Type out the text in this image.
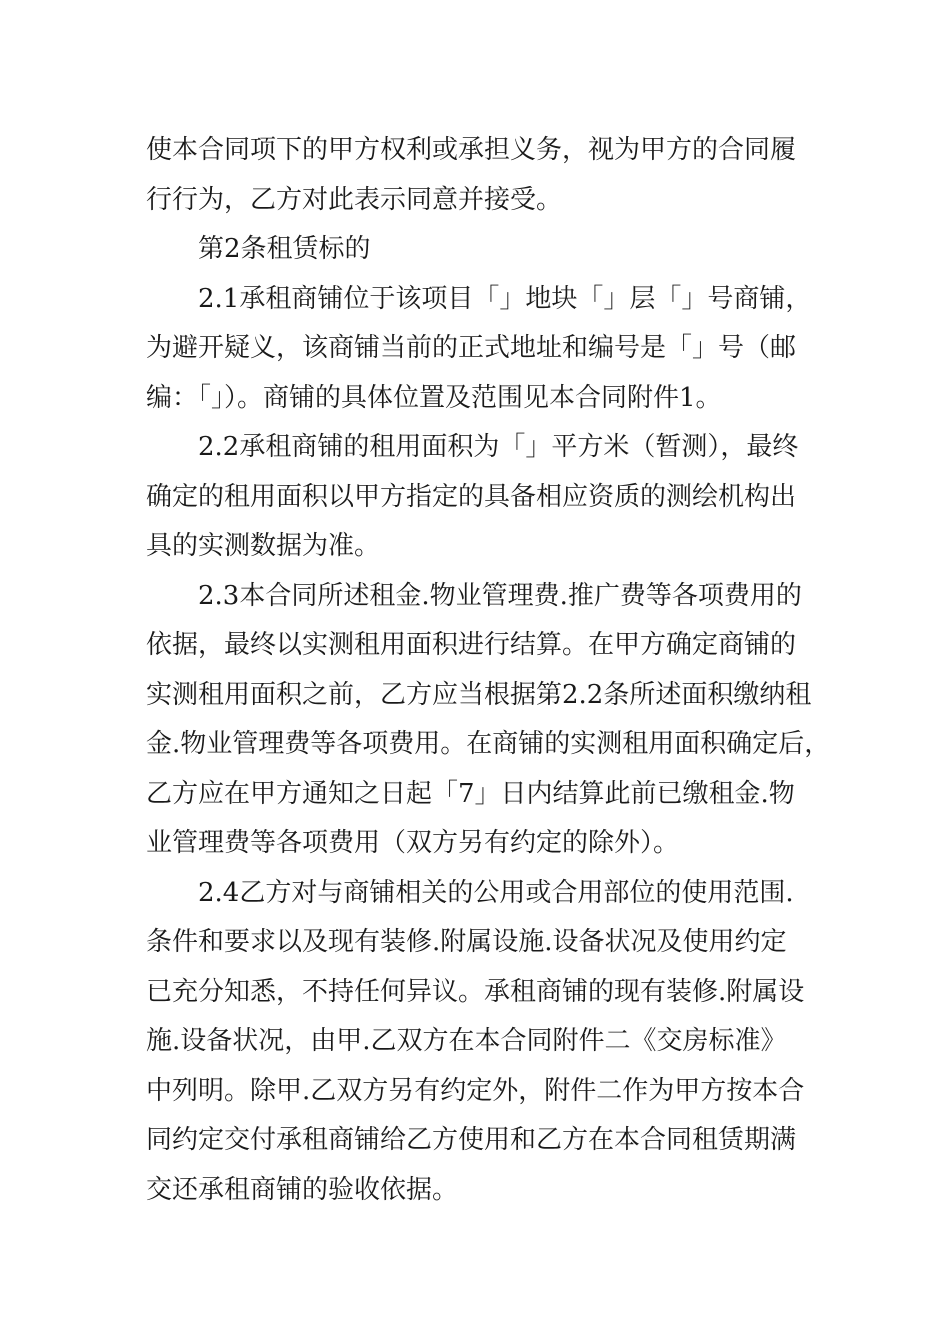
使本合同项下的甲方权利或承担义务，视为甲方的合同履
行行为，乙方对此表示同意并接受。
第2条租赁标的
2.1承租商铺位于该项目「」地块「」层「」号商铺，
为避开疑义，该商铺当前的正式地址和编号是「」号（邮
编：「」）。商铺的具体位置及范围见本合同附件1。
2.2承租商铺的租用面积为「」平方米（暂测），最终
确定的租用面积以甲方指定的具备相应资质的测绘机构出
具的实测数据为准。
2.3本合同所述租金.物业管理费.推广费等各项费用的
依据，最终以实测租用面积进行结算。在甲方确定商铺的
实测租用面积之前，乙方应当根据第2.2条所述面积缴纳租
金.物业管理费等各项费用。在商铺的实测租用面积确定后，
乙方应在甲方通知之日起「7」日内结算此前已缴租金.物
业管理费等各项费用（双方另有约定的除外）。
2.4乙方对与商铺相关的公用或合用部位的使用范围.
条件和要求以及现有装修.附属设施.设备状况及使用约定
已充分知悉，不持任何异议。承租商铺的现有装修.附属设
施.设备状况，由甲.乙双方在本合同附件二《交房标准》
中列明。除甲.乙双方另有约定外，附件二作为甲方按本合
同约定交付承租商铺给乙方使用和乙方在本合同租赁期满
交还承租商铺的验收依据。
